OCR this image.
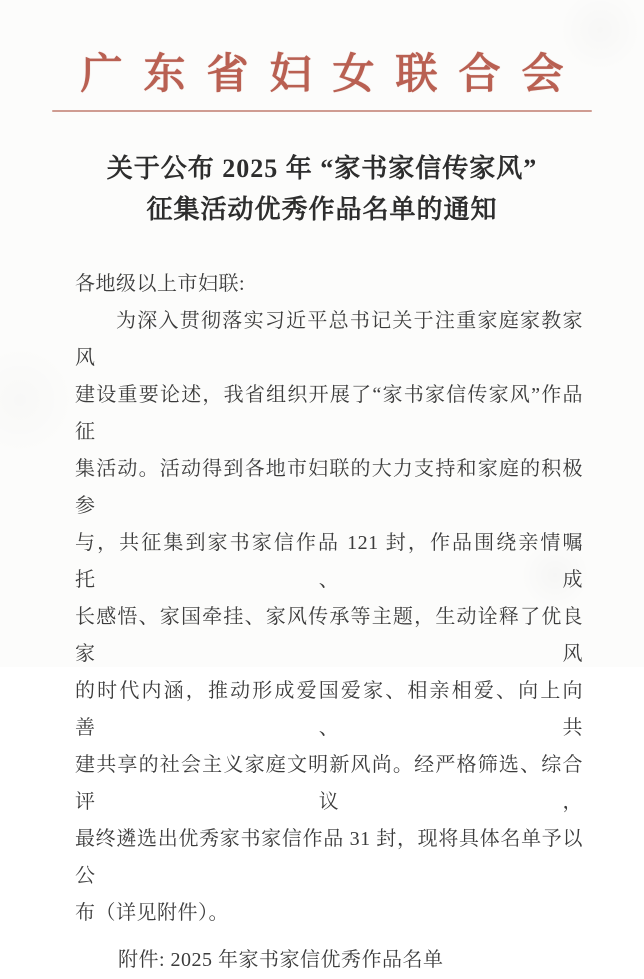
广东省妇女联合会
关于公布 2025 年 “家书家信传家风”
征集活动优秀作品名单的通知

各地级以上市妇联:

为深入贯彻落实习近平总书记关于注重家庭家教家风

建设重要论述，我省组织开展了“家书家信传家风”作品征

集活动。活动得到各地市妇联的大力支持和家庭的积极参

与，共征集到家书家信作品 121 封，作品围绕亲情嘱托、成

长感悟、家国牵挂、家风传承等主题，生动诠释了优良家风

的时代内涵，推动形成爱国爱家、相亲相爱、向上向善、共

建共享的社会主义家庭文明新风尚。经严格筛选、综合评议，

最终遴选出优秀家书家信作品 31 封，现将具体名单予以公

布（详见附件）。

附件: 2025 年家书家信优秀作品名单
